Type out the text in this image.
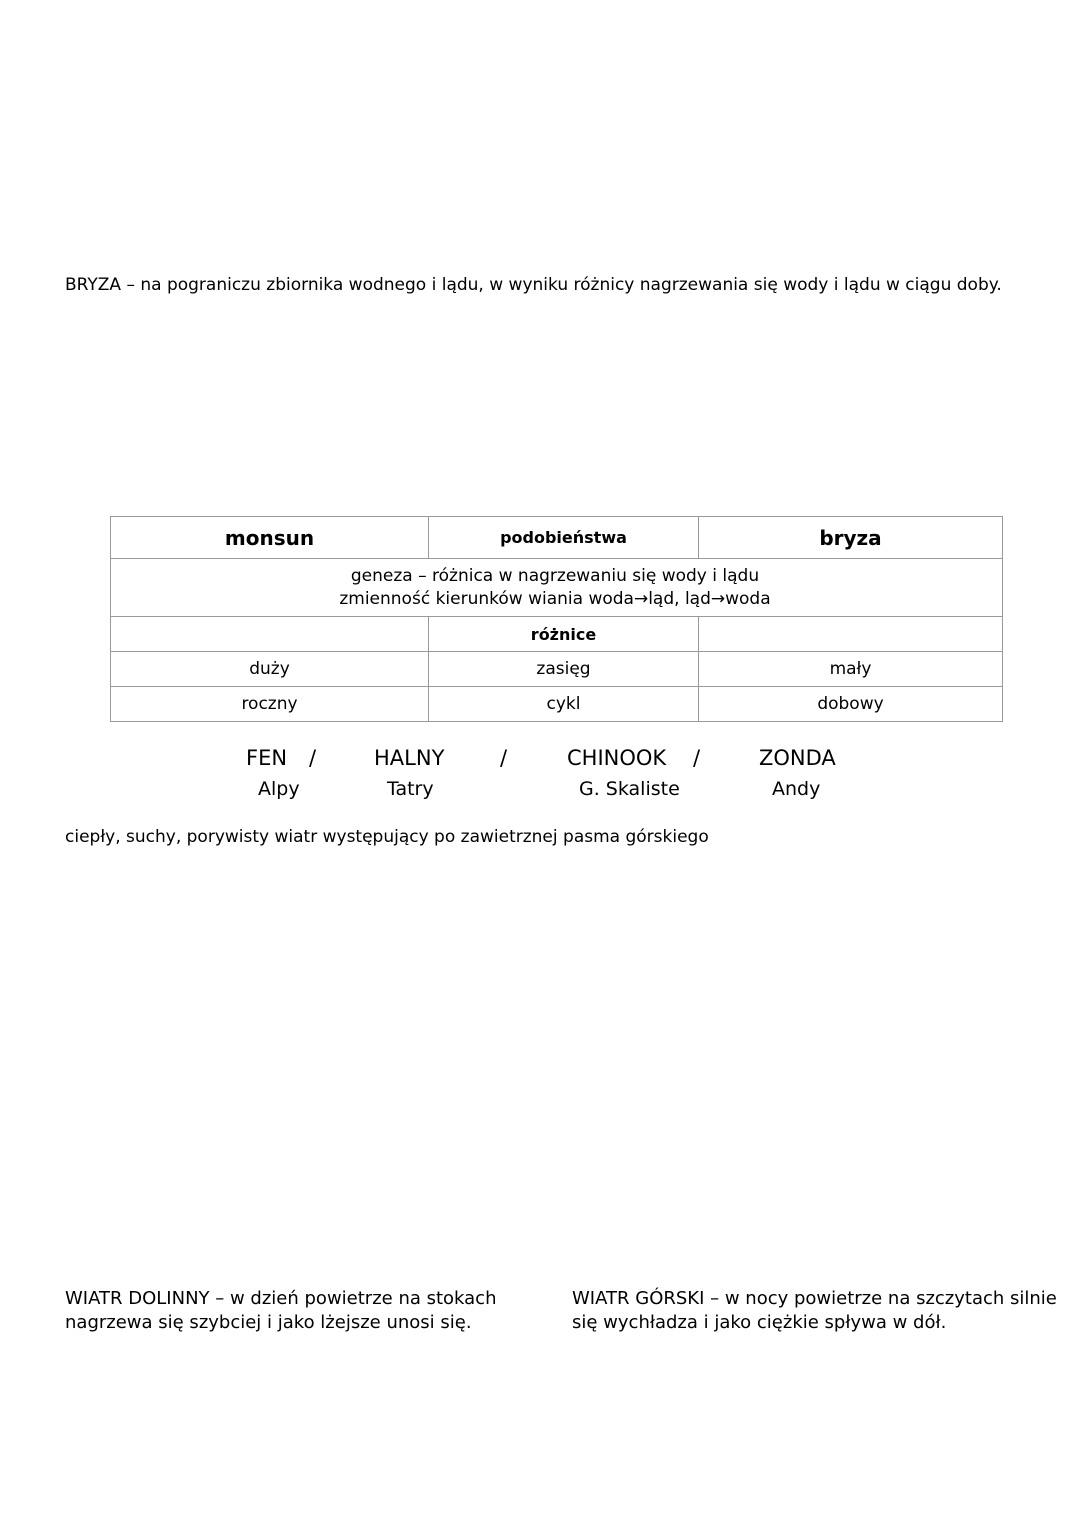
BRYZA – na pograniczu zbiornika wodnego i lądu, w wyniku różnicy nagrzewania się wody i lądu w ciągu doby.
monsun	podobieństwa	bryza

geneza – różnica w nagrzewaniu się wody i lądu
zmienność kierunków wiania woda→ląd, ląd→woda		

	różnice	
duży	zasięg	mały
roczny	cykl	dobowy
FEN /	HALNY	/	CHINOOK /	ZONDA
Alpy	Tatry	G. Skaliste	Andy
ciepły, suchy, porywisty wiatr występujący po zawietrznej pasma górskiego
WIATR DOLINNY – w dzień powietrze na stokach
nagrzewa się szybciej i jako lżejsze unosi się.
WIATR GÓRSKI – w nocy powietrze na szczytach silnie
się wychładza i jako ciężkie spływa w dół.
